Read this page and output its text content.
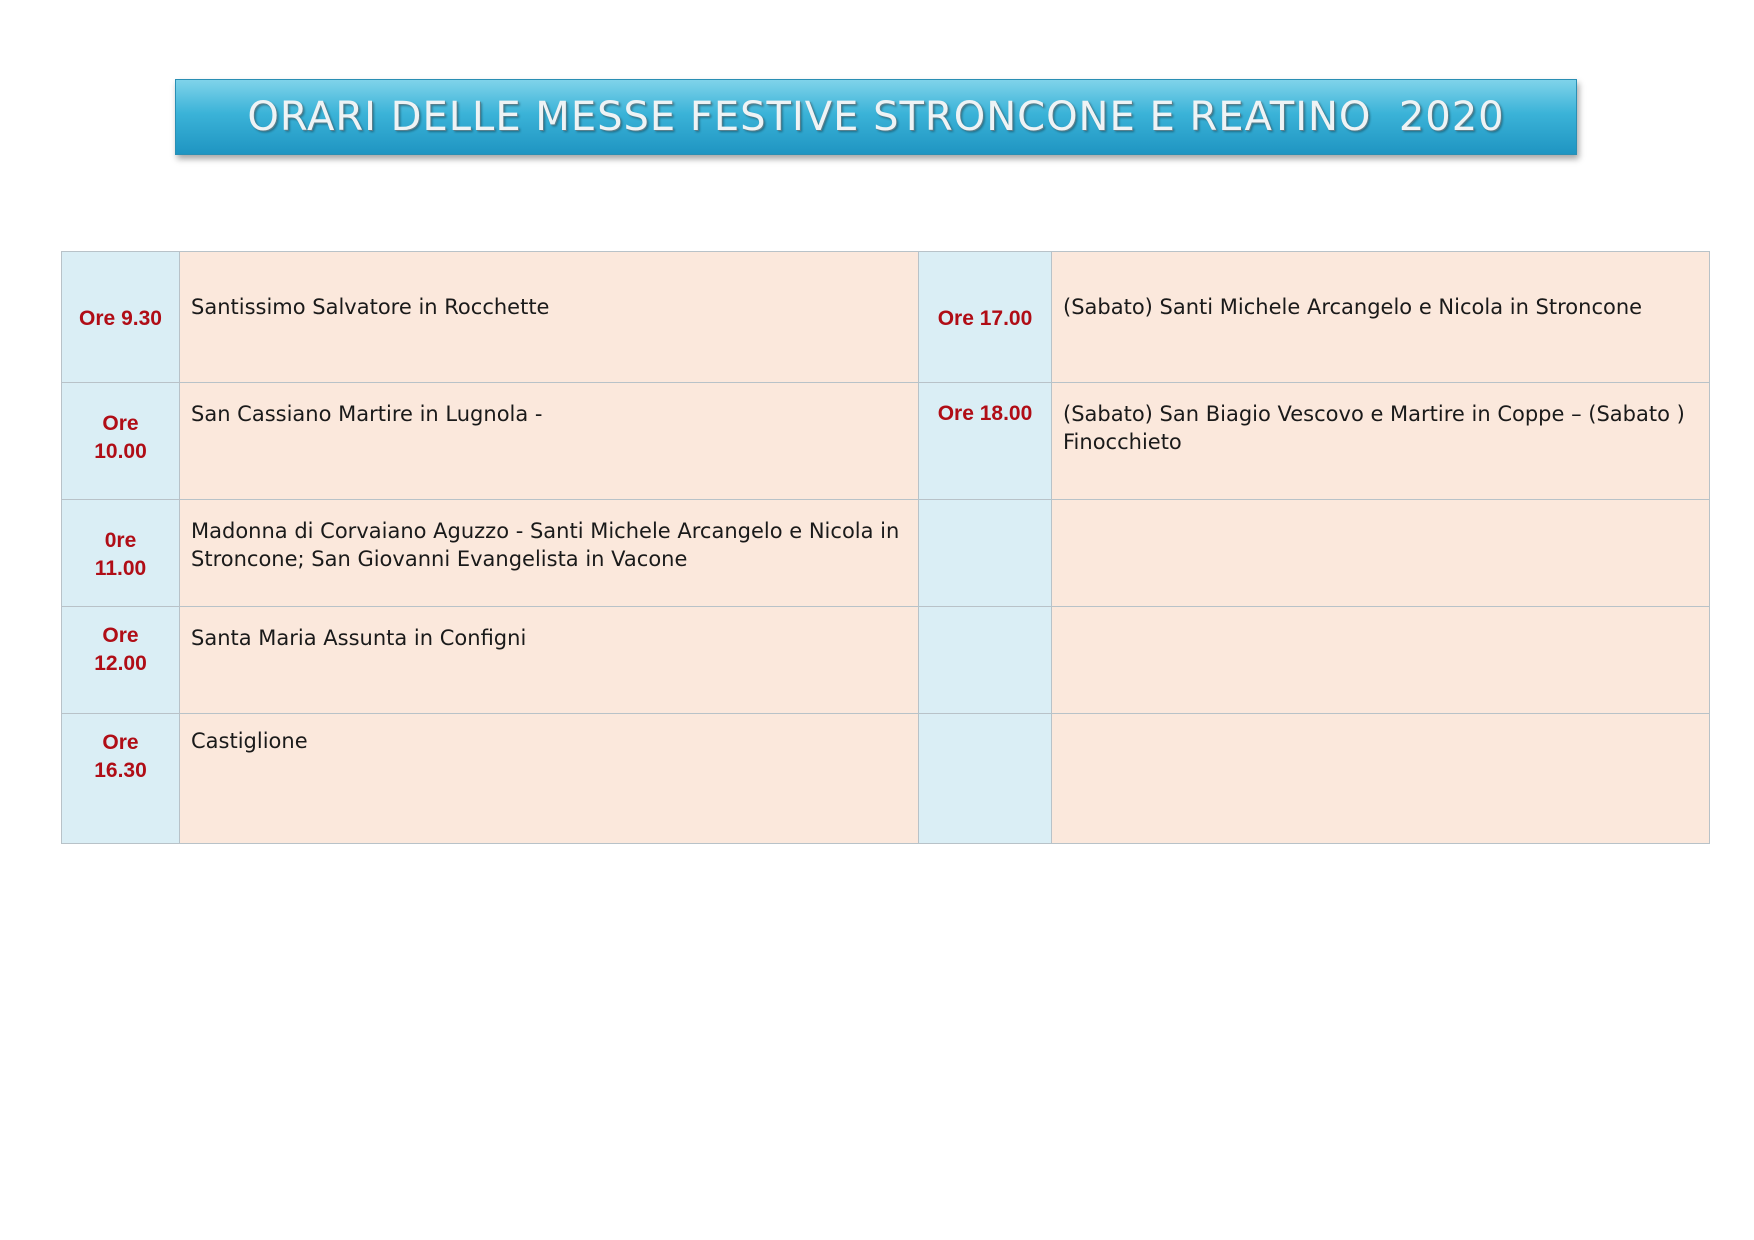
ORARI DELLE MESSE FESTIVE STRONCONE E REATINO  2020
Ore 9.30	Santissimo Salvatore in Rocchette	Ore 17.00	(Sabato) Santi Michele Arcangelo e Nicola in Stroncone

Ore 10.00	San Cassiano Martire in Lugnola -	Ore 18.00	(Sabato) San Biagio Vescovo e Martire in Coppe – (Sabato ) Finocchieto

0re 11.00	Madonna di Corvaiano Aguzzo - Santi Michele Arcangelo e Nicola in Stroncone; San Giovanni Evangelista in Vacone		

Ore 12.00	Santa Maria Assunta in Configni		

Ore 16.30	Castiglione		
